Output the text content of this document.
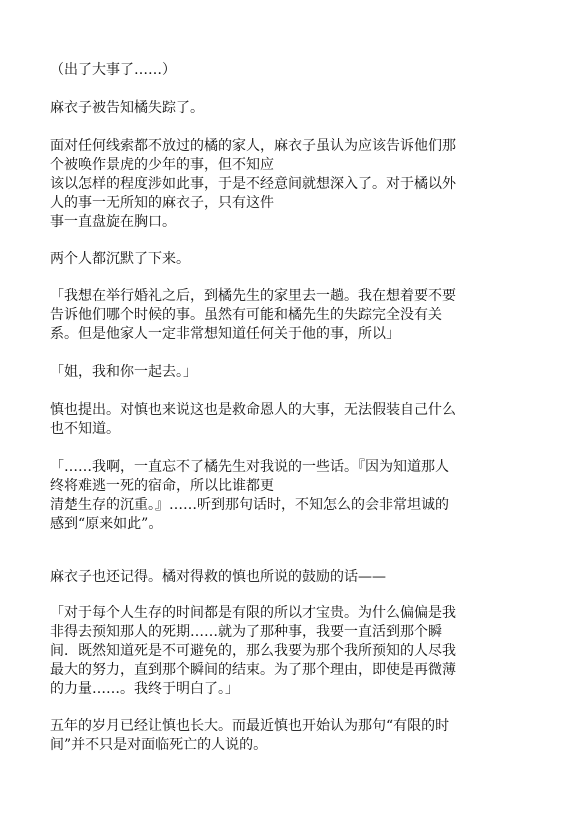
（出了大事了……）

麻衣子被告知橘失踪了。

面对任何线索都不放过的橘的家人，麻衣子虽认为应该告诉他们那
个被唤作景虎的少年的事，但不知应
该以怎样的程度涉如此事，于是不经意间就想深入了。对于橘以外
人的事一无所知的麻衣子，只有这件
事一直盘旋在胸口。

两个人都沉默了下来。

「我想在举行婚礼之后，到橘先生的家里去一趟。我在想着要不要
告诉他们哪个时候的事。虽然有可能和橘先生的失踪完全没有关
系。但是他家人一定非常想知道任何关于他的事，所以」

「姐，我和你一起去。」

慎也提出。对慎也来说这也是救命恩人的大事，无法假装自己什么
也不知道。

「……我啊，一直忘不了橘先生对我说的一些话。『因为知道那人
终将难逃一死的宿命，所以比谁都更
清楚生存的沉重。』……听到那句话时，不知怎么的会非常坦诚的
感到“原来如此”。

麻衣子也还记得。橘对得救的慎也所说的鼓励的话——

「对于每个人生存的时间都是有限的所以才宝贵。为什么偏偏是我
非得去预知那人的死期……就为了那种事，我要一直活到那个瞬
间．既然知道死是不可避免的，那么我要为那个我所预知的人尽我
最大的努力，直到那个瞬间的结束。为了那个理由，即使是再微薄
的力量……。我终于明白了。」

五年的岁月已经让慎也长大。而最近慎也开始认为那句“有限的时
间”并不只是对面临死亡的人说的。
